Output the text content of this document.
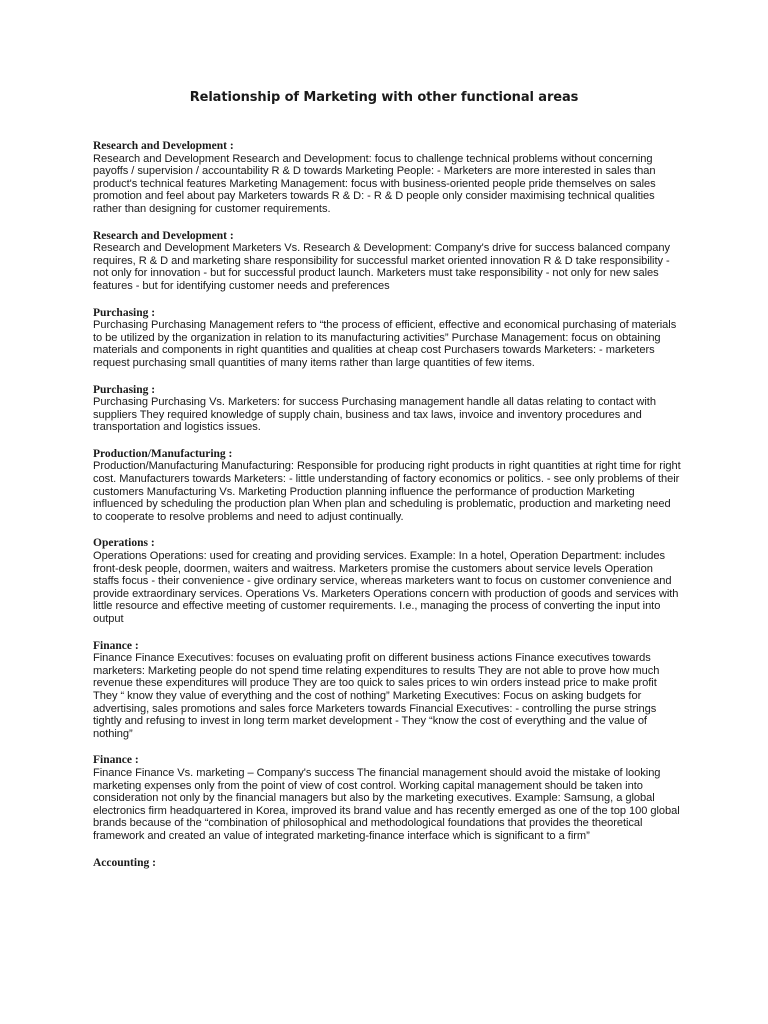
Relationship of Marketing with other functional areas

Research and Development :

Research and Development Research and Development: focus to challenge technical problems without concerning payoffs / supervision / accountability R & D towards Marketing People: - Marketers are more interested in sales than product's technical features Marketing Management: focus with business-oriented people pride themselves on sales promotion and feel about pay Marketers towards R & D: - R & D people only consider maximising technical qualities rather than designing for customer requirements.

Research and Development :

Research and Development Marketers Vs. Research & Development: Company's drive for success balanced company requires, R & D and marketing share responsibility for successful market oriented innovation R & D take responsibility - not only for innovation - but for successful product launch. Marketers must take responsibility - not only for new sales features - but for identifying customer needs and preferences

Purchasing :

Purchasing Purchasing Management refers to “the process of efficient, effective and economical purchasing of materials to be utilized by the organization in relation to its manufacturing activities” Purchase Management: focus on obtaining materials and components in right quantities and qualities at cheap cost Purchasers towards Marketers: - marketers request purchasing small quantities of many items rather than large quantities of few items.

Purchasing :

Purchasing Purchasing Vs. Marketers: for success Purchasing management handle all datas relating to contact with suppliers They required knowledge of supply chain, business and tax laws, invoice and inventory procedures and transportation and logistics issues.

Production/Manufacturing :

Production/Manufacturing Manufacturing: Responsible for producing right products in right quantities at right time for right cost. Manufacturers towards Marketers: - little understanding of factory economics or politics. - see only problems of their customers Manufacturing Vs. Marketing Production planning influence the performance of production Marketing influenced by scheduling the production plan When plan and scheduling is problematic, production and marketing need to cooperate to resolve problems and need to adjust continually.

Operations :

Operations Operations: used for creating and providing services. Example: In a hotel, Operation Department: includes front-desk people, doormen, waiters and waitress. Marketers promise the customers about service levels Operation staffs focus - their convenience - give ordinary service, whereas marketers want to focus on customer convenience and provide extraordinary services. Operations Vs. Marketers Operations concern with production of goods and services with little resource and effective meeting of customer requirements. I.e., managing the process of converting the input into output

Finance :

Finance Finance Executives: focuses on evaluating profit on different business actions Finance executives towards marketers: Marketing people do not spend time relating expenditures to results They are not able to prove how much revenue these expenditures will produce They are too quick to sales prices to win orders instead price to make profit They “ know they value of everything and the cost of nothing” Marketing Executives: Focus on asking budgets for advertising, sales promotions and sales force Marketers towards Financial Executives: - controlling the purse strings tightly and refusing to invest in long term market development - They “know the cost of everything and the value of nothing”

Finance :

Finance Finance Vs. marketing – Company's success The financial management should avoid the mistake of looking marketing expenses only from the point of view of cost control. Working capital management should be taken into consideration not only by the financial managers but also by the marketing executives. Example: Samsung, a global electronics firm headquartered in Korea, improved its brand value and has recently emerged as one of the top 100 global brands because of the “combination of philosophical and methodological foundations that provides the theoretical framework and created an value of integrated marketing-finance interface which is significant to a firm”

Accounting :
